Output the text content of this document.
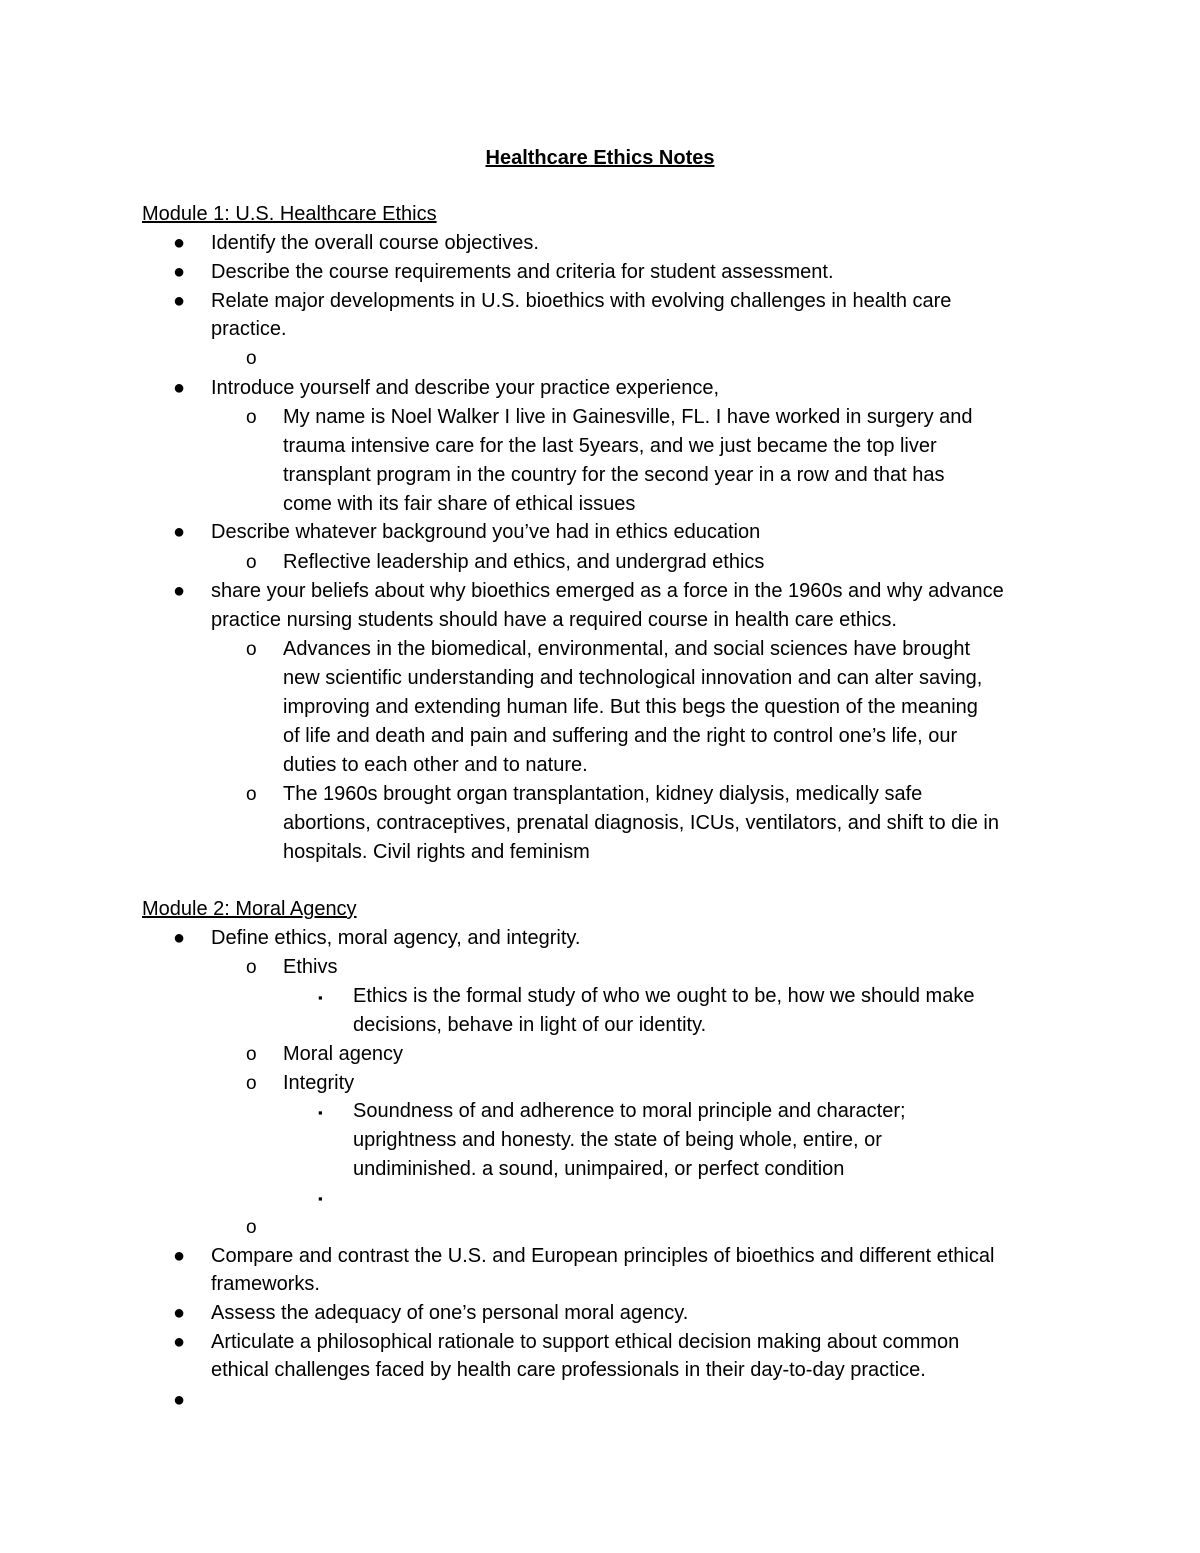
Healthcare Ethics Notes
Module 1: U.S. Healthcare Ethics
● Identify the overall course objectives.
● Describe the course requirements and criteria for student assessment.
● Relate major developments in U.S. bioethics with evolving challenges in health care
practice.
o
● Introduce yourself and describe your practice experience,
o My name is Noel Walker I live in Gainesville, FL. I have worked in surgery and
trauma intensive care for the last 5years, and we just became the top liver
transplant program in the country for the second year in a row and that has
come with its fair share of ethical issues
● Describe whatever background you’ve had in ethics education
o Reflective leadership and ethics, and undergrad ethics
● share your beliefs about why bioethics emerged as a force in the 1960s and why advance
practice nursing students should have a required course in health care ethics.
o Advances in the biomedical, environmental, and social sciences have brought
new scientific understanding and technological innovation and can alter saving,
improving and extending human life. But this begs the question of the meaning
of life and death and pain and suffering and the right to control one’s life, our
duties to each other and to nature.
o The 1960s brought organ transplantation, kidney dialysis, medically safe
abortions, contraceptives, prenatal diagnosis, ICUs, ventilators, and shift to die in
hospitals. Civil rights and feminism
Module 2: Moral Agency
● Define ethics, moral agency, and integrity.
o Ethivs
▪ Ethics is the formal study of who we ought to be, how we should make
decisions, behave in light of our identity.
o Moral agency
o Integrity
▪ Soundness of and adherence to moral principle and character;
uprightness and honesty. the state of being whole, entire, or
undiminished. a sound, unimpaired, or perfect condition
▪
o
● Compare and contrast the U.S. and European principles of bioethics and different ethical
frameworks.
● Assess the adequacy of one’s personal moral agency.
● Articulate a philosophical rationale to support ethical decision making about common
ethical challenges faced by health care professionals in their day-to-day practice.
●
